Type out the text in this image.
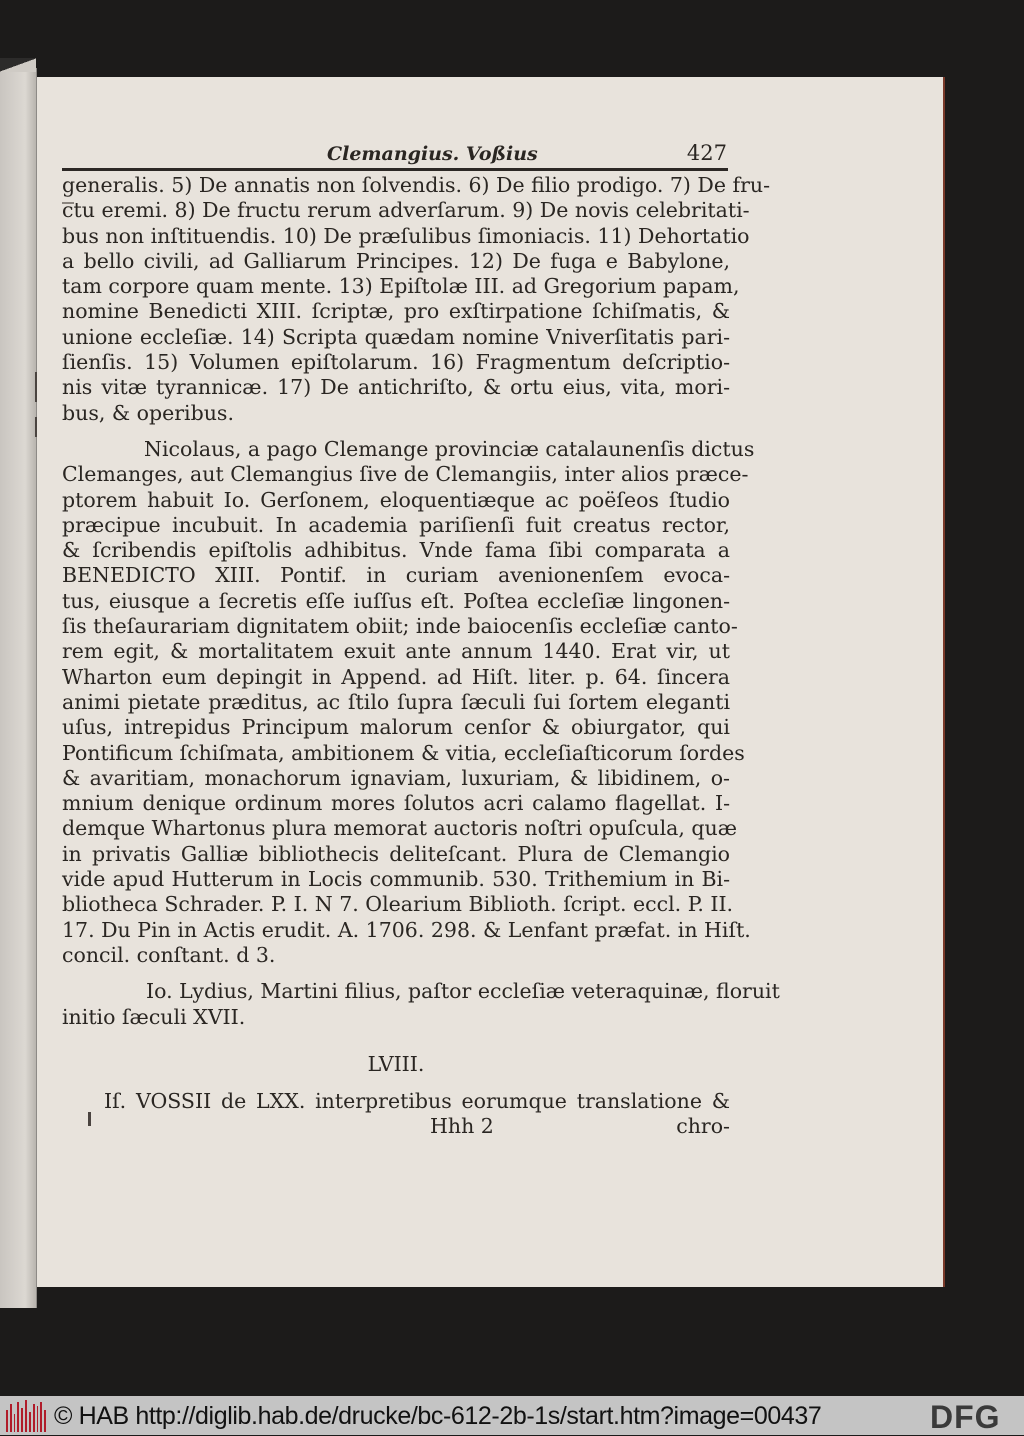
Clemangius. Voßius	427

generalis. 5) De annatis non ſolvendis. 6) De filio prodigo. 7) De fru-
ctu eremi. 8) De fructu rerum adverſarum. 9) De novis celebritati-
bus non inſtituendis. 10) De præſulibus ſimoniacis. 11) Dehortatio
a bello civili, ad Galliarum Principes. 12) De fuga e Babylone,
tam corpore quam mente. 13) Epiſtolæ III. ad Gregorium papam,
nomine Benedicti XIII. ſcriptæ, pro exſtirpatione ſchiſmatis, &
unione eccleſiæ. 14) Scripta quædam nomine Vniverſitatis pari-
ſienſis. 15) Volumen epiſtolarum. 16) Fragmentum deſcriptio-
nis vitæ tyrannicæ. 17) De antichriſto, & ortu eius, vita, mori-
bus, & operibus.

Nicolaus, a pago Clemange provinciæ catalaunenſis dictus
Clemanges, aut Clemangius ſive de Clemangiis, inter alios præce-
ptorem habuit Io. Gerſonem, eloquentiæque ac poëſeos ſtudio
præcipue incubuit. In academia pariſienſi fuit creatus rector,
& ſcribendis epiſtolis adhibitus. Vnde fama ſibi comparata a
BENEDICTO XIII. Pontif. in curiam avenionenſem evoca-
tus, eiusque a ſecretis eſſe iuſſus eſt. Poſtea eccleſiæ lingonen-
ſis theſaurariam dignitatem obiit; inde baiocenſis eccleſiæ canto-
rem egit, & mortalitatem exuit ante annum 1440. Erat vir, ut
Wharton eum depingit in Append. ad Hiſt. liter. p. 64. ſincera
animi pietate præditus, ac ſtilo ſupra ſæculi ſui ſortem eleganti
uſus, intrepidus Principum malorum cenſor & obiurgator, qui
Pontificum ſchiſmata, ambitionem & vitia, eccleſiaſticorum ſordes
& avaritiam, monachorum ignaviam, luxuriam, & libidinem, o-
mnium denique ordinum mores ſolutos acri calamo flagellat. I-
demque Whartonus plura memorat auctoris noſtri opuſcula, quæ
in privatis Galliæ bibliothecis deliteſcant. Plura de Clemangio
vide apud Hutterum in Locis communib. 530. Trithemium in Bi-
bliotheca Schrader. P. I. N 7. Olearium Biblioth. ſcript. eccl. P. II.
17. Du Pin in Actis erudit. A. 1706. 298. & Lenfant præfat. in Hiſt.
concil. conſtant. d 3.

Io. Lydius, Martini filius, paſtor eccleſiæ veteraquinæ, floruit
initio ſæculi XVII.

LVIII.

Iſ. VOSSII de LXX. interpretibus eorumque translatione &

Hhh 2	chro-
© HAB http://diglib.hab.de/drucke/bc-612-2b-1s/start.htm?image=00437	DFG
